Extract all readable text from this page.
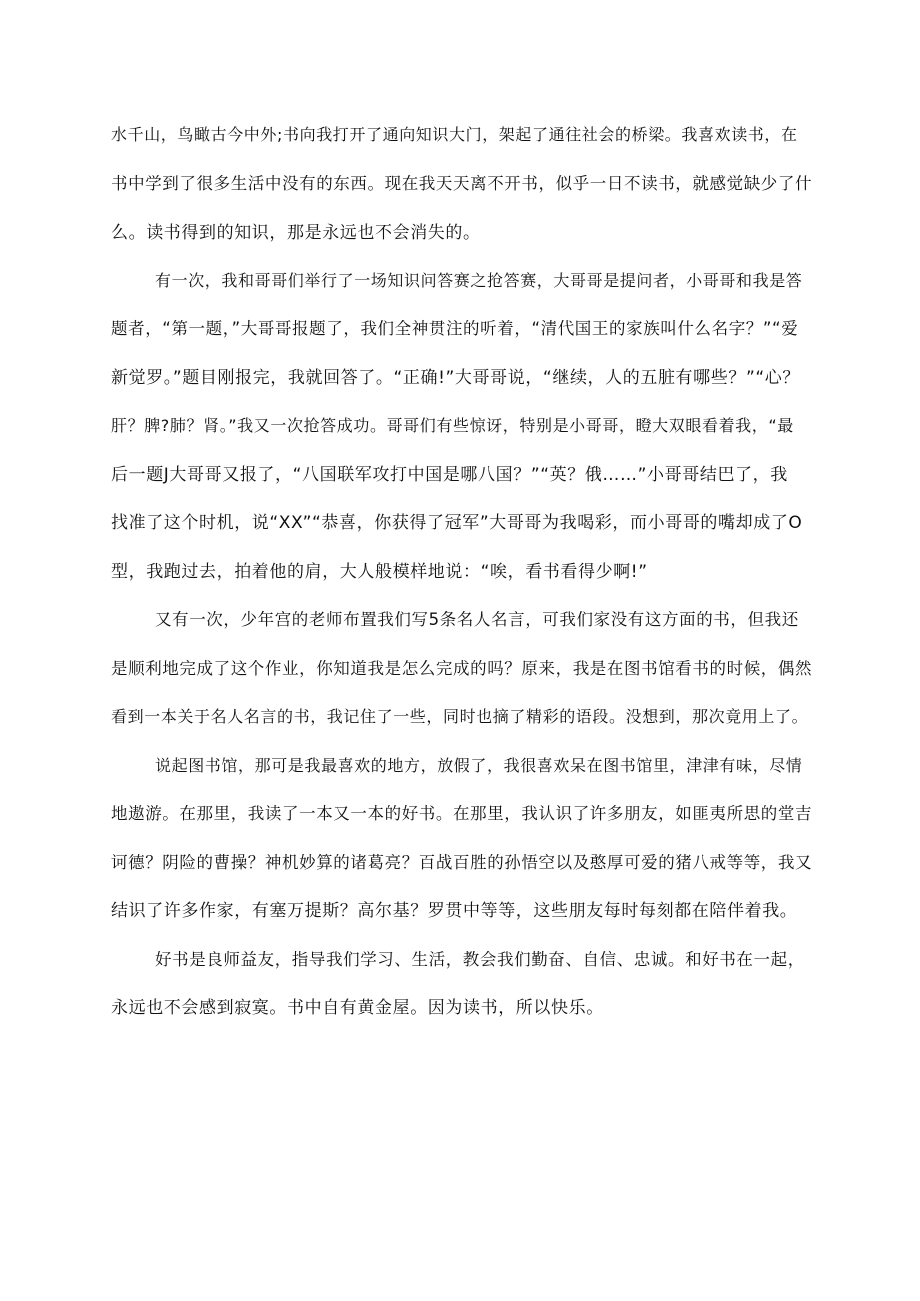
水千山，鸟瞰古今中外;书向我打开了通向知识大门，架起了通往社会的桥梁。我喜欢读书，在
书中学到了很多生活中没有的东西。现在我天天离不开书，似乎一日不读书，就感觉缺少了什
么。读书得到的知识，那是永远也不会消失的。
有一次，我和哥哥们举行了一场知识问答赛之抢答赛，大哥哥是提问者，小哥哥和我是答
题者，“第一题，”大哥哥报题了，我们全神贯注的听着，“清代国王的家族叫什么名字？”“爱
新觉罗。”题目刚报完，我就回答了。“正确!”大哥哥说，“继续，人的五脏有哪些？”“心？
肝？脾?肺？肾。”我又一次抢答成功。哥哥们有些惊讶，特别是小哥哥，瞪大双眼看着我，“最
后一题J大哥哥又报了，“八国联军攻打中国是哪八国？”“英？俄……”小哥哥结巴了，我
找准了这个时机，说“XX”“恭喜，你获得了冠军”大哥哥为我喝彩，而小哥哥的嘴却成了O
型，我跑过去，拍着他的肩，大人般模样地说：“唉，看书看得少啊!”
又有一次，少年宫的老师布置我们写5条名人名言，可我们家没有这方面的书，但我还
是顺利地完成了这个作业，你知道我是怎么完成的吗？原来，我是在图书馆看书的时候，偶然
看到一本关于名人名言的书，我记住了一些，同时也摘了精彩的语段。没想到，那次竟用上了。
说起图书馆，那可是我最喜欢的地方，放假了，我很喜欢呆在图书馆里，津津有味，尽情
地遨游。在那里，我读了一本又一本的好书。在那里，我认识了许多朋友，如匪夷所思的堂吉
诃德？阴险的曹操？神机妙算的诸葛亮？百战百胜的孙悟空以及憨厚可爱的猪八戒等等，我又
结识了许多作家，有塞万提斯？高尔基？罗贯中等等，这些朋友每时每刻都在陪伴着我。
好书是良师益友，指导我们学习、生活，教会我们勤奋、自信、忠诚。和好书在一起，
永远也不会感到寂寞。书中自有黄金屋。因为读书，所以快乐。
